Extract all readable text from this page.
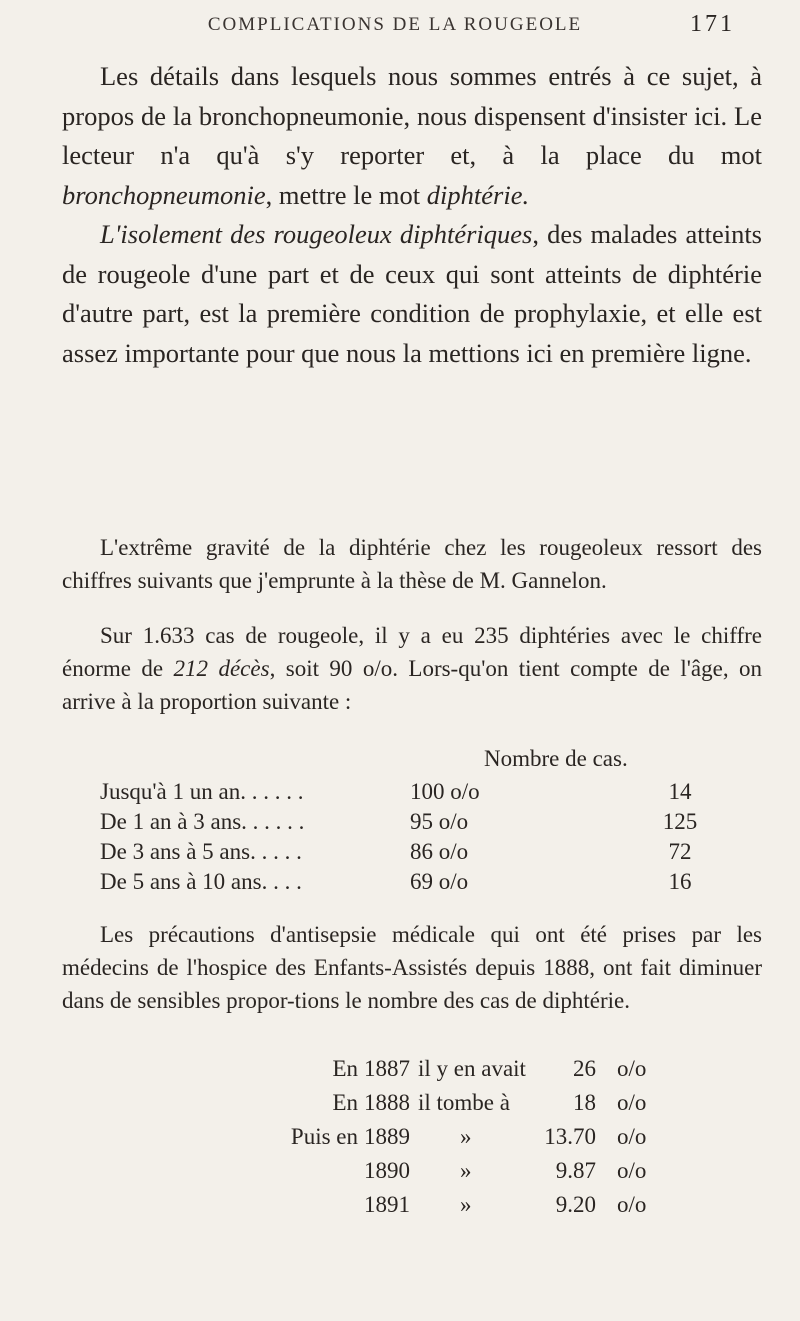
COMPLICATIONS DE LA ROUGEOLE	171

Les détails dans lesquels nous sommes entrés à ce sujet, à propos de la bronchopneumonie, nous dispensent d'insister ici. Le lecteur n'a qu'à s'y reporter et, à la place du mot bronchopneumonie, mettre le mot diphtérie.
L'isolement des rougeoleux diphtériques, des malades atteints de rougeole d'une part et de ceux qui sont atteints de diphtérie d'autre part, est la première condition de prophylaxie, et elle est assez importante pour que nous la mettions ici en première ligne.

L'extrême gravité de la diphtérie chez les rougeoleux ressort des chiffres suivants que j'emprunte à la thèse de M. Gannelon.

Sur 1.633 cas de rougeole, il y a eu 235 diphtéries avec le chiffre énorme de 212 décès, soit 90 o/o. Lors-qu'on tient compte de l'âge, on arrive à la proportion suivante :

Nombre de cas.
Jusqu'à 1 un an. . . . . .	100 o/o	14
De 1 an à 3 ans. . . . . .	95 o/o	125
De 3 ans à 5 ans. . . . .	86 o/o	72
De 5 ans à 10 ans. . . .	69 o/o	16

Les précautions d'antisepsie médicale qui ont été prises par les médecins de l'hospice des Enfants-Assistés depuis 1888, ont fait diminuer dans de sensibles propor-tions le nombre des cas de diphtérie.

En 1887 il y en avait	26 o/o
En 1888 il tombe à	18 o/o
Puis en 1889 »	13.70 o/o
1890 »	9.87 o/o
1891 »	9.20 o/o
